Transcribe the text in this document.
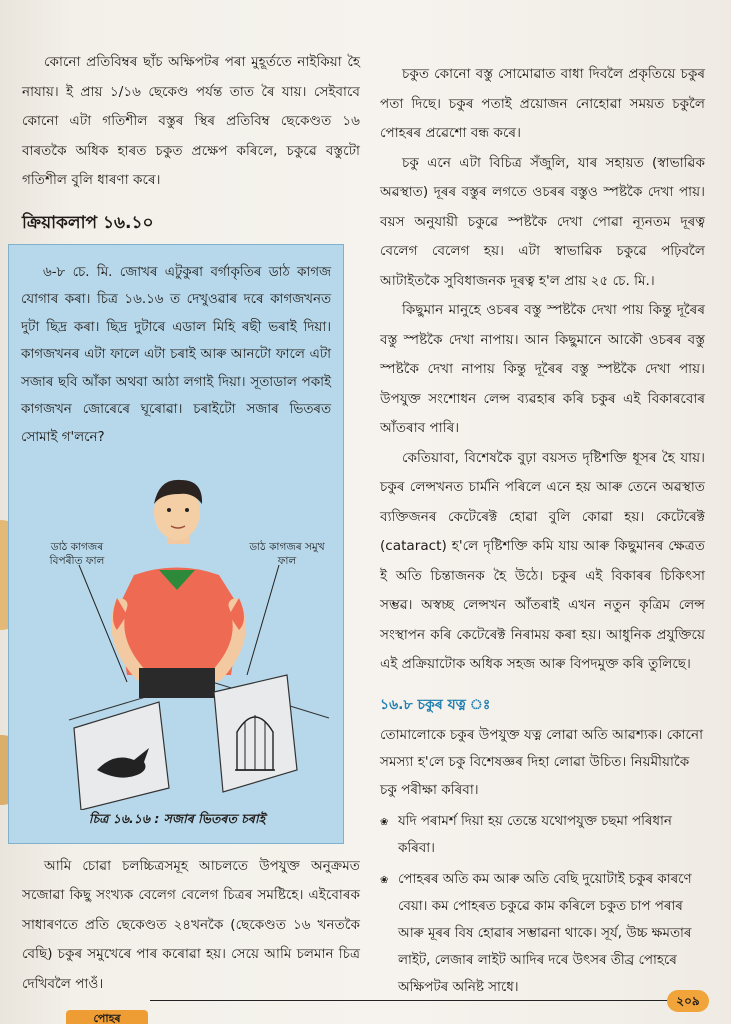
কোনো প্ৰতিবিম্বৰ ছাঁচ অক্ষিপটৰ পৰা মুহূৰ্ততে নাইকিয়া হৈ নাযায়। ই প্ৰায় ১/১৬ ছেকেণ্ড পৰ্যন্ত তাত ৰৈ যায়। সেইবাবে কোনো এটা গতিশীল বস্তুৰ স্থিৰ প্ৰতিবিম্ব ছেকেণ্ডত ১৬ বাৰতকৈ অধিক হাৰত চকুত প্ৰক্ষেপ কৰিলে, চকুৱে বস্তুটো গতিশীল বুলি ধাৰণা কৰে।

ক্ৰিয়াকলাপ ১৬.১০

৬-৮ চে. মি. জোখৰ এটুকুৰা বৰ্গাকৃতিৰ ডাঠ কাগজ যোগাৰ কৰা। চিত্ৰ ১৬.১৬ ত দেখুওৱাৰ দৰে কাগজখনত দুটা ছিদ্ৰ কৰা। ছিদ্ৰ দুটাৰে এডাল মিহি ৰছী ভৰাই দিয়া। কাগজখনৰ এটা ফালে এটা চৰাই আৰু আনটো ফালে এটা সজাৰ ছবি আঁকা অথবা আঠা লগাই দিয়া। সূতাডাল পকাই কাগজখন জোৰেৰে ঘূৰোৱা। চৰাইটো সজাৰ ভিতৰত সোমাই গ'লনে?

ডাঠ কাগজৰ বিপৰীত ফাল
ডাঠ কাগজৰ সমুখ ফাল
চিত্ৰ ১৬.১৬ : সজাৰ ভিতৰত চৰাই

আমি চোৱা চলচ্চিত্ৰসমূহ আচলতে উপযুক্ত অনুক্ৰমত সজোৱা কিছু সংখ্যক বেলেগ বেলেগ চিত্ৰৰ সমষ্টিহে। এইবোৰক সাধাৰণতে প্ৰতি ছেকেণ্ডত ২৪খনকৈ (ছেকেণ্ডত ১৬ খনতকৈ বেছি) চকুৰ সমুখেৰে পাৰ কৰোৱা হয়। সেয়ে আমি চলমান চিত্ৰ দেখিবলৈ পাওঁ।

চকুত কোনো বস্তু সোমোৱাত বাধা দিবলৈ প্ৰকৃতিয়ে চকুৰ পতা দিছে। চকুৰ পতাই প্ৰয়োজন নোহোৱা সময়ত চকুলৈ পোহৰৰ প্ৰৱেশো বন্ধ কৰে।

চকু এনে এটা বিচিত্ৰ সঁজুলি, যাৰ সহায়ত (স্বাভাৱিক অৱস্থাত) দূৰৰ বস্তুৰ লগতে ওচৰৰ বস্তুও স্পষ্টকৈ দেখা পায়। বয়স অনুযায়ী চকুৱে স্পষ্টকৈ দেখা পোৱা ন্যূনতম দূৰত্ব বেলেগ বেলেগ হয়। এটা স্বাভাৱিক চকুৱে পঢ়িবলৈ আটাইতকৈ সুবিধাজনক দূৰত্ব হ'ল প্ৰায় ২৫ চে. মি.।

কিছুমান মানুহে ওচৰৰ বস্তু স্পষ্টকৈ দেখা পায় কিন্তু দূৰৈৰ বস্তু স্পষ্টকৈ দেখা নাপায়। আন কিছুমানে আকৌ ওচৰৰ বস্তু স্পষ্টকৈ দেখা নাপায় কিন্তু দূৰৈৰ বস্তু স্পষ্টকৈ দেখা পায়। উপযুক্ত সংশোধন লেন্স ব্যৱহাৰ কৰি চকুৰ এই বিকাৰবোৰ আঁতৰাব পাৰি।

কেতিয়াবা, বিশেষকৈ বুঢ়া বয়সত দৃষ্টিশক্তি ধূসৰ হৈ যায়। চকুৰ লেন্সখনত চাৰ্মনি পৰিলে এনে হয় আৰু তেনে অৱস্থাত ব্যক্তিজনৰ কেটেৰেক্ট হোৱা বুলি কোৱা হয়। কেটেৰেক্ট (cataract) হ'লে দৃষ্টিশক্তি কমি যায় আৰু কিছুমানৰ ক্ষেত্ৰত ই অতি চিন্তাজনক হৈ উঠে। চকুৰ এই বিকাৰৰ চিকিৎসা সম্ভৱ। অস্বচ্ছ লেন্সখন আঁতৰাই এখন নতুন কৃত্ৰিম লেন্স সংস্থাপন কৰি কেটেৰেক্ট নিৰাময় কৰা হয়। আধুনিক প্ৰযুক্তিয়ে এই প্ৰক্ৰিয়াটোক অধিক সহজ আৰু বিপদমুক্ত কৰি তুলিছে।

১৬.৮ চকুৰ যত্ন ঃ

তোমালোকে চকুৰ উপযুক্ত যত্ন লোৱা অতি আৱশ্যক। কোনো সমস্যা হ'লে চকু বিশেষজ্ঞৰ দিহা লোৱা উচিত। নিয়মীয়াকৈ চকু পৰীক্ষা কৰিবা।

❀ যদি পৰামৰ্শ দিয়া হয় তেন্তে যথোপযুক্ত চছমা পৰিধান কৰিবা।
❀ পোহৰৰ অতি কম আৰু অতি বেছি দুয়োটাই চকুৰ কাৰণে বেয়া। কম পোহৰত চকুৱে কাম কৰিলে চকুত চাপ পৰাৰ আৰু মূৰৰ বিষ হোৱাৰ সম্ভাৱনা থাকে। সূৰ্য, উচ্চ ক্ষমতাৰ লাইট, লেজাৰ লাইট আদিৰ দৰে উৎসৰ তীব্ৰ পোহৰে অক্ষিপটৰ অনিষ্ট সাধে।
২০৯
পোহৰ
